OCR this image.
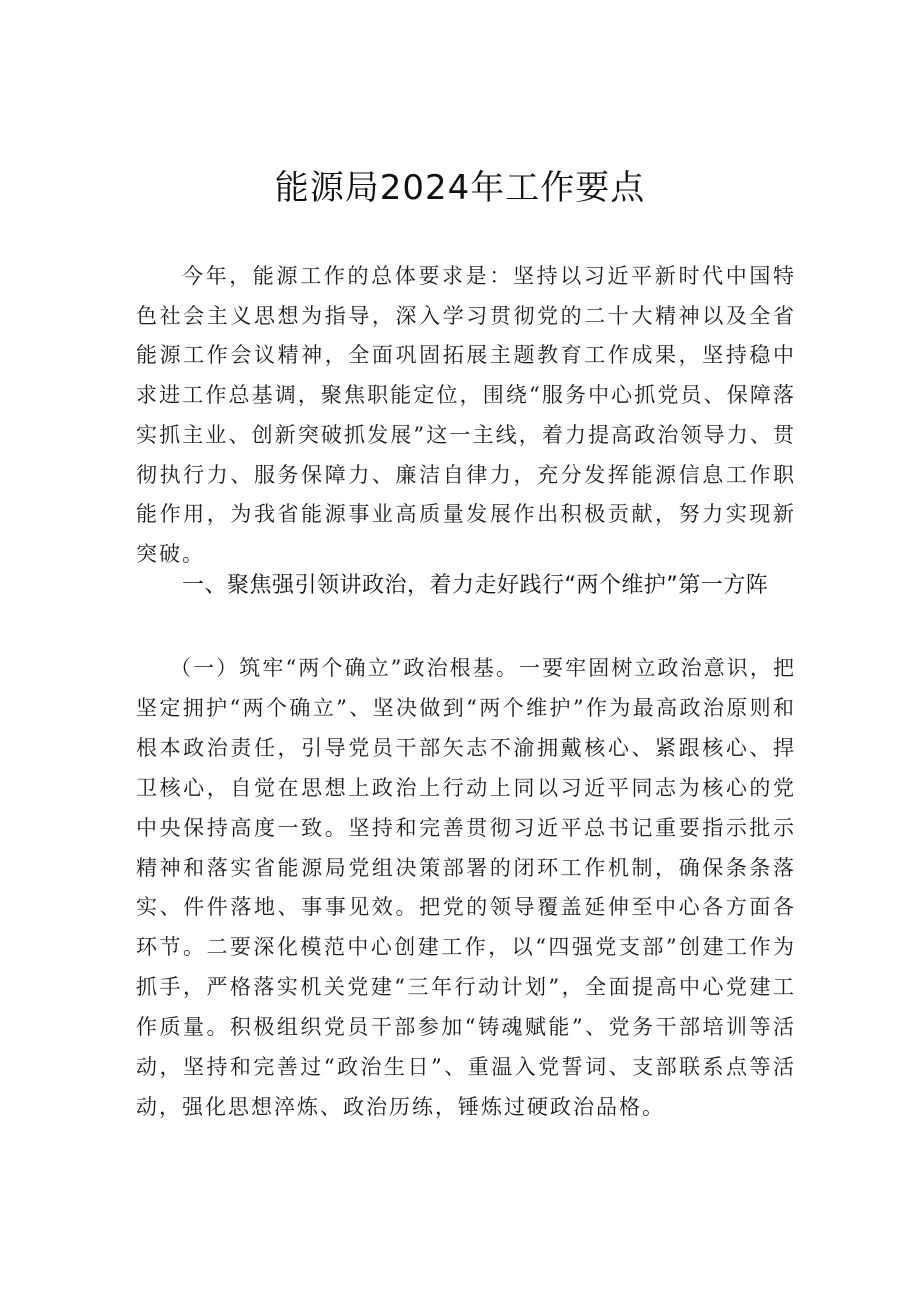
能源局2024年工作要点

今年，能源工作的总体要求是：坚持以习近平新时代中国特色社会主义思想为指导，深入学习贯彻党的二十大精神以及全省能源工作会议精神，全面巩固拓展主题教育工作成果，坚持稳中求进工作总基调，聚焦职能定位，围绕“服务中心抓党员、保障落实抓主业、创新突破抓发展”这一主线，着力提高政治领导力、贯彻执行力、服务保障力、廉洁自律力，充分发挥能源信息工作职能作用，为我省能源事业高质量发展作出积极贡献，努力实现新突破。

一、聚焦强引领讲政治，着力走好践行“两个维护”第一方阵

（一）筑牢“两个确立”政治根基。一要牢固树立政治意识，把坚定拥护“两个确立”、坚决做到“两个维护”作为最高政治原则和根本政治责任，引导党员干部矢志不渝拥戴核心、紧跟核心、捍卫核心，自觉在思想上政治上行动上同以习近平同志为核心的党中央保持高度一致。坚持和完善贯彻习近平总书记重要指示批示精神和落实省能源局党组决策部署的闭环工作机制，确保条条落实、件件落地、事事见效。把党的领导覆盖延伸至中心各方面各环节。二要深化模范中心创建工作，以“四强党支部”创建工作为抓手，严格落实机关党建“三年行动计划”，全面提高中心党建工作质量。积极组织党员干部参加“铸魂赋能”、党务干部培训等活动，坚持和完善过“政治生日”、重温入党誓词、支部联系点等活动，强化思想淬炼、政治历练，锤炼过硬政治品格。
